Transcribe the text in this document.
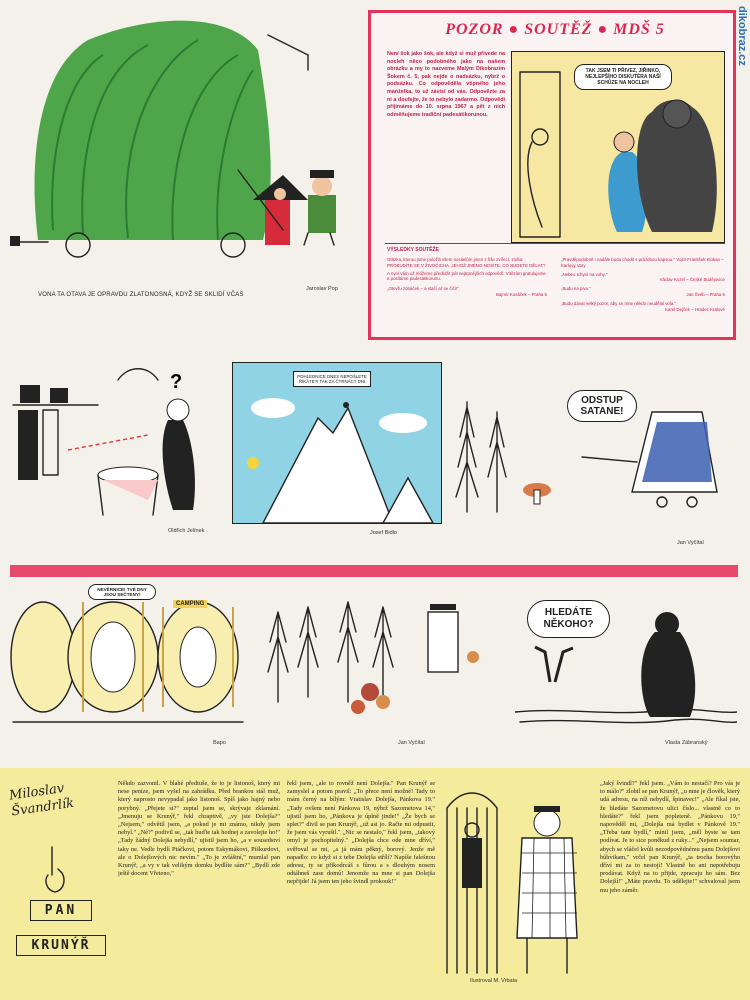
dikobraz.cz
VONA TA OTAVA JE OPRAVDU ZLATONOSNÁ, KDYŽ SE SKLIDÍ VČAS
Jaroslav Pop
POZOR ● SOUTĚŽ ● MDŠ 5
Není šok jako šok, ale když si muž přivede na nocleh něco podobného jako na našem obrázku a my to nazveme Malým Dikobrazím Šokem č. 5, pak nejde o nadsázku, nýbrž o podsázku. Co odpověděla vtipného jeho manželka, to už závisí od vás. Odpovězte za ni a doufejte, že to nebylo zadarmo. Odpovědi přijímáme do 10. srpna 1967 a pět z nich odměňujeme tradiční padesátikorunou.
TAK JSEM TI PŘIVEZ, JIŘINKO, NEJLEPŠÍHO DISKUTÉRA NAŠÍ SCHŮZE NA NOCLEH
VÝSLEDKY SOUTĚŽE
Otázka, kterou jsme položili všem nositelům jmen z řiše zvířecí, zněla: PROBUDÍTE SE V ŽIVOČICHA, JEHOŽ JMÉNO NOSÍTE. CO BUDETE DĚLAT?
A nyní vám už můžeme předložit pět nejtrpnějších odpovědí. Vítězům gratulujeme a posíláme padesátikorunu.
„Otevřu zobáček – a stačí ať se čiči!"
Bajmír Kosáček – Praha 5
„Pravděpodobně i nadále budu chodit s prázdnou kapsou." Vojín František Klokan – Karlovy Vary
„Nebeu tchyní na vohy."
Václav Kozel – České Budějovice
„Budu na pivo."
Jan Švéb – Praha 5
„Budu dávat velký pozor, aby se mne někdo neudělal vola."
Karel Dejček – Hradec Králové
?
Oldřich Jelínek
POHLEDNICE DNES NEPOŠLETE ŘÍKÁTE?! TAK ZA ČTRNÁCT DNÍ
Josef Bidlo
ODSTUP SATANE!
Jan Vyčítal
NEVĚRNICE! TVÉ DNY JSOU SEČTENY!
CAMPING
Bapo	Jan Vyčítal
HLEDÁTE NĚKOHO?
Vlasta Zábranský
Miloslav Švandrlík
PAN
KRUNÝŘ
Někdo zazvonil. V blahé předtuše, že to je listonoš, který mi nese peníze, jsem vyšel na zahrádku. Před brankou stál muž, který naprosto nevypadal jako listonoš. Spíš jako hajný nebo porybný. „Přejete si?" zeptal jsem se, skrývaje zklamání. „Jmenuju se Krunýř," řekl chraptivě, „vy jste Dolejša?" „Nejsem," odvětil jsem, „a pokud je mi známo, nikdy jsem nebyl." „Né?" podivil se, „tak buďte tak hodnej a zavolejte ho!" „Tady žádný Dolejša nebydlí," ujistil jsem ho, „a v sousedství taky ne. Vedle bydlí Ptáčkovi, potom Eskymákovi, Piškurdovi, ale o Dolejšových nic nevím." „To je zvláštní," mumlal pan Krunýř, „a vy v tak velikým domku bydlíte sám?" „Bydlí zde ještě docent Vřeteno,"
řekl jsem, „ale to rovněž není Dolejša." Pan Krunýř se zamyslel a potom pravil: „To přece není možné! Tady to mám černý na bílým: Vratislav Dolejša, Pánkova 19." „Tady ovšem není Pánkova 19, nýbrž Sazometova 14," ujistil jsem ho, „Pánkova je úplně jinde!" „Že bych se splet?" divil se pan Krunýř, „už asi jo. Račte mi odpustit, že jsem vás vyrušil." „Nic se nestalo," řekl jsem, „takový omyl je pochopitelný." „Dolejša chce ode mne dříví," svěřoval se mi, „a já mám pěkný, borový. Jenže mě napadlo: co když si z tebe Dolejša střílí? Napíše falešnou adresu, ty se přikodrcáš s fůrou a s dlouhým nosem odtáhneš zase domů! Jenomže na mne si pan Dolejša nepřijde! Já jsem ten jeho švindl prokouk!"
Ilustroval M. Vrbata
„Jaký švindl?" řekl jsem. „Vám to nestačí? Pro vás je to málo?" zlobil se pan Krunýř, „u mne je člověk, který udá adresu, na níž nebydlí, špinavec!" „Ale říkal jste, že hledáte Sazometovu ulici číslo... vlastně co to hledáte?" řekl jsem popleteně. „Pánkovu 19," napověděl mi, „Dolejša má bydlet v Pánkově 19." „Třeba tam bydlí," mínil jsem, „měl byste se tam podívat. Je to sice poněkud z ruky..." „Nejsem soumar, abych se vláčel kvůli nezodpovědnému panu Dolejšovi bůhvikam," vrčel pan Krunýř, „ta trocha borovýho dříví mi za to nestojí! Vlastně ho ani nepotřebuju prodávat. Když na to přijde, zpracuju ho sám. Bez Dolejší!" „Máte pravdu. To udělejte!" schvaloval jsem mu jeho záměr.
